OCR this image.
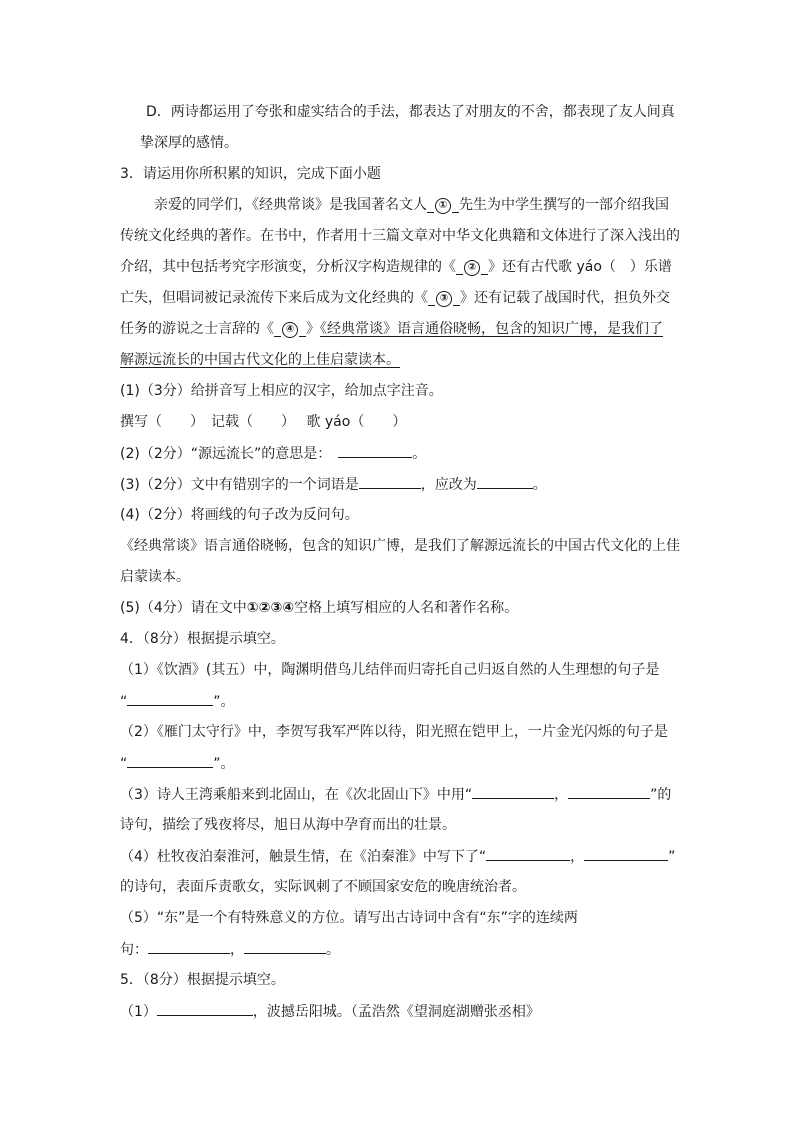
D．两诗都运用了夸张和虚实结合的手法，都表达了对朋友的不舍，都表现了友人间真
挚深厚的感情。
3．请运用你所积累的知识，完成下面小题
亲爱的同学们，《经典常谈》是我国著名文人  ①  先生为中学生撰写的一部介绍我国
传统文化经典的著作。在书中，作者用十三篇文章对中华文化典籍和文体进行了深入浅出的
介绍，其中包括考究字形演变，分析汉字构造规律的《  ②  》还有古代歌 yáo（　）乐谱
亡失，但唱词被记录流传下来后成为文化经典的《  ③  》还有记载了战国时代，担负外交
任务的游说之士言辞的《  ④  》《经典常谈》语言通俗晓畅，包含的知识广博，是我们了
解源远流长的中国古代文化的上佳启蒙读本。
(1)（3分）给拼音写上相应的汉字，给加点字注音。
撰写（　　）　记载（　　）　 歌 yáo（　　）
(2)（2分）“源远流长”的意思是： 	。
(3)（2分）文中有错别字的一个词语是	，应改为	。
(4)（2分）将画线的句子改为反问句。
《经典常谈》语言通俗晓畅，包含的知识广博，是我们了解源远流长的中国古代文化的上佳
启蒙读本。
(5)（4分）请在文中①②③④空格上填写相应的人名和著作名称。
4．（8分）根据提示填空。
（1）《饮酒》(其五）中，陶渊明借鸟儿结伴而归寄托自己归返自然的人生理想的句子是
“	”。
（2）《雁门太守行》中，李贺写我军严阵以待，阳光照在铠甲上，一片金光闪烁的句子是
“	”。
（3）诗人王湾乘船来到北固山，在《次北固山下》中用“	，	”的
诗句，描绘了残夜将尽，旭日从海中孕育而出的壮景。
（4）杜牧夜泊秦淮河，触景生情，在《泊秦淮》中写下了“	，	”
的诗句，表面斥责歌女，实际讽刺了不顾国家安危的晚唐统治者。
（5）“东”是一个有特殊意义的方位。请写出古诗词中含有“东”字的连续两
句：	，	。
5．（8分）根据提示填空。
（1）	，波撼岳阳城。（孟浩然《望洞庭湖赠张丞相》
